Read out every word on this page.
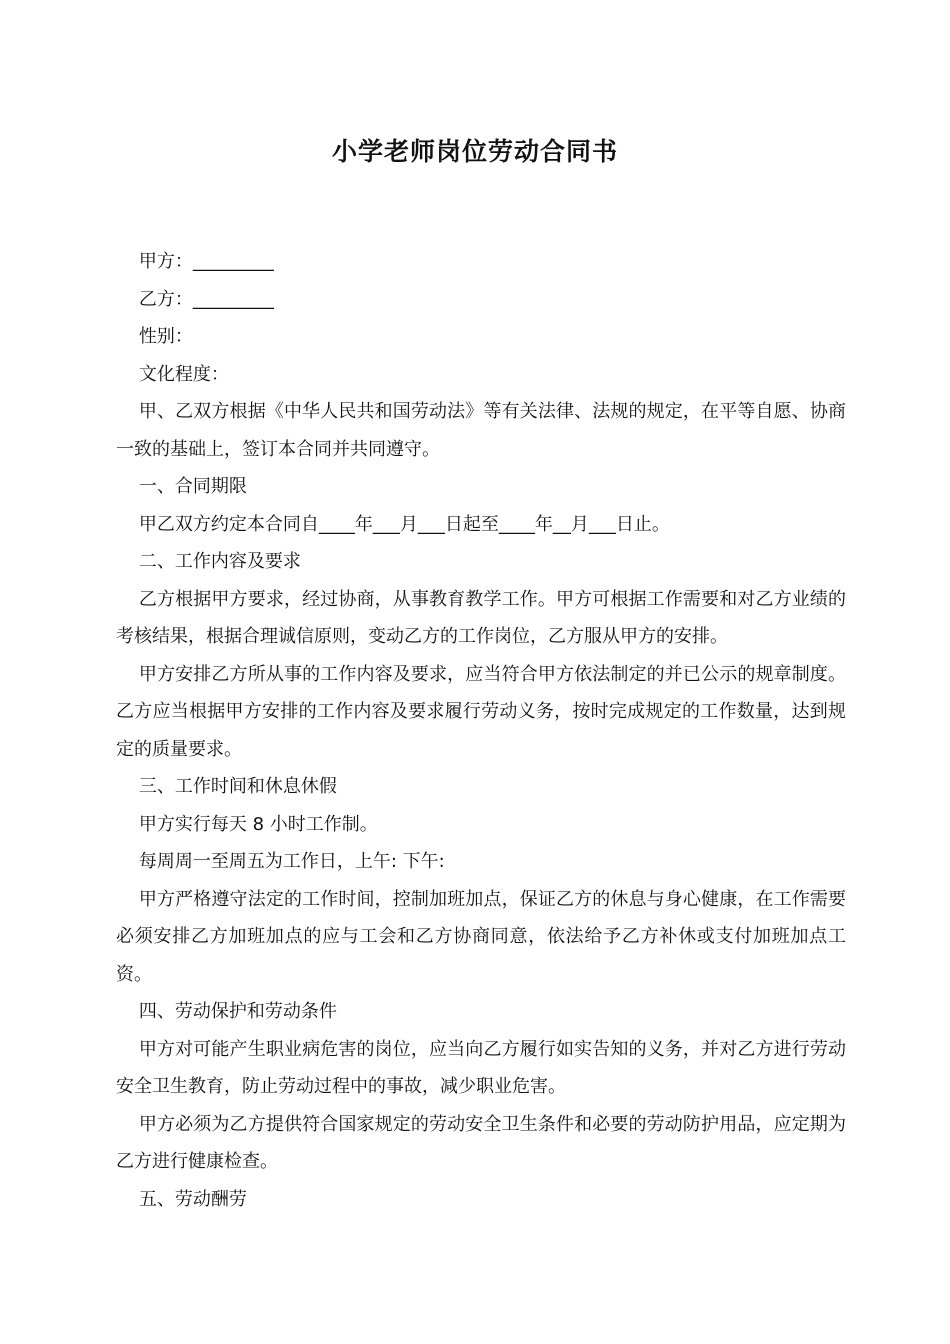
小学老师岗位劳动合同书

甲方：_________

乙方：_________

性别：

文化程度：

甲、乙双方根据《中华人民共和国劳动法》等有关法律、法规的规定，在平等自愿、协商一致的基础上，签订本合同并共同遵守。

一、合同期限

甲乙双方约定本合同自____年___月___日起至____年__月___日止。

二、工作内容及要求

乙方根据甲方要求，经过协商，从事教育教学工作。甲方可根据工作需要和对乙方业绩的考核结果，根据合理诚信原则，变动乙方的工作岗位，乙方服从甲方的安排。

甲方安排乙方所从事的工作内容及要求，应当符合甲方依法制定的并已公示的规章制度。乙方应当根据甲方安排的工作内容及要求履行劳动义务，按时完成规定的工作数量，达到规定的质量要求。

三、工作时间和休息休假

甲方实行每天 8 小时工作制。

每周周一至周五为工作日，上午: 下午:

甲方严格遵守法定的工作时间，控制加班加点，保证乙方的休息与身心健康，在工作需要必须安排乙方加班加点的应与工会和乙方协商同意，依法给予乙方补休或支付加班加点工资。

四、劳动保护和劳动条件

甲方对可能产生职业病危害的岗位，应当向乙方履行如实告知的义务，并对乙方进行劳动安全卫生教育，防止劳动过程中的事故，减少职业危害。

甲方必须为乙方提供符合国家规定的劳动安全卫生条件和必要的劳动防护用品，应定期为乙方进行健康检查。

五、劳动酬劳
